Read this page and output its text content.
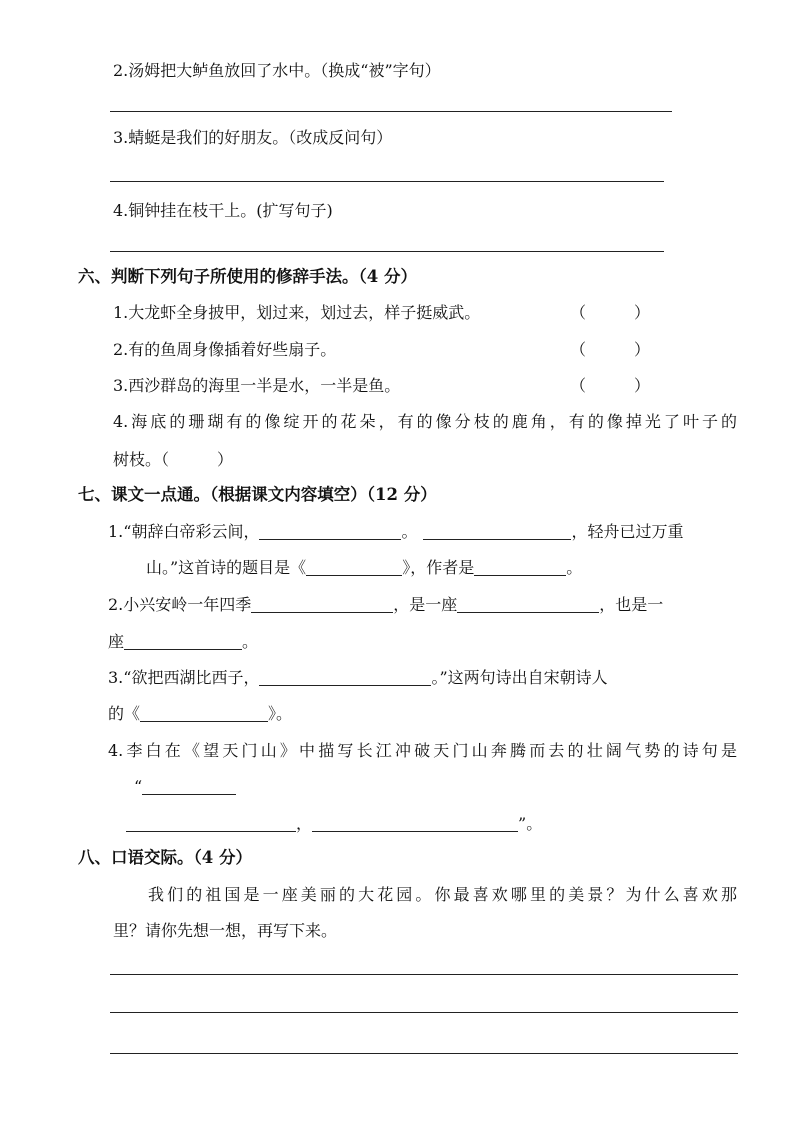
2.汤姆把大鲈鱼放回了水中。（换成“被”字句）
3.蜻蜓是我们的好朋友。（改成反问句）
4.铜钟挂在枝干上。(扩写句子)
六、判断下列句子所使用的修辞手法。（4 分）
1.大龙虾全身披甲，划过来，划过去，样子挺威武。	（　　　）
2.有的鱼周身像插着好些扇子。	（　　　）
3.西沙群岛的海里一半是水，一半是鱼。	（　　　）
4.海底的珊瑚有的像绽开的花朵，有的像分枝的鹿角，有的像掉光了叶子的
树枝。（　　　）
七、课文一点通。（根据课文内容填空）（12 分）
1.“朝辞白帝彩云间，	。	，轻舟已过万重
山。”这首诗的题目是《	》，作者是	。
2.小兴安岭一年四季	，是一座	，也是一
座	。
3.“欲把西湖比西子，	。”这两句诗出自宋朝诗人
的《	》。
4.李白在《望天门山》中描写长江冲破天门山奔腾而去的壮阔气势的诗句是
“
，	”。
八、口语交际。（4 分）
我们的祖国是一座美丽的大花园。你最喜欢哪里的美景？为什么喜欢那
里？请你先想一想，再写下来。
